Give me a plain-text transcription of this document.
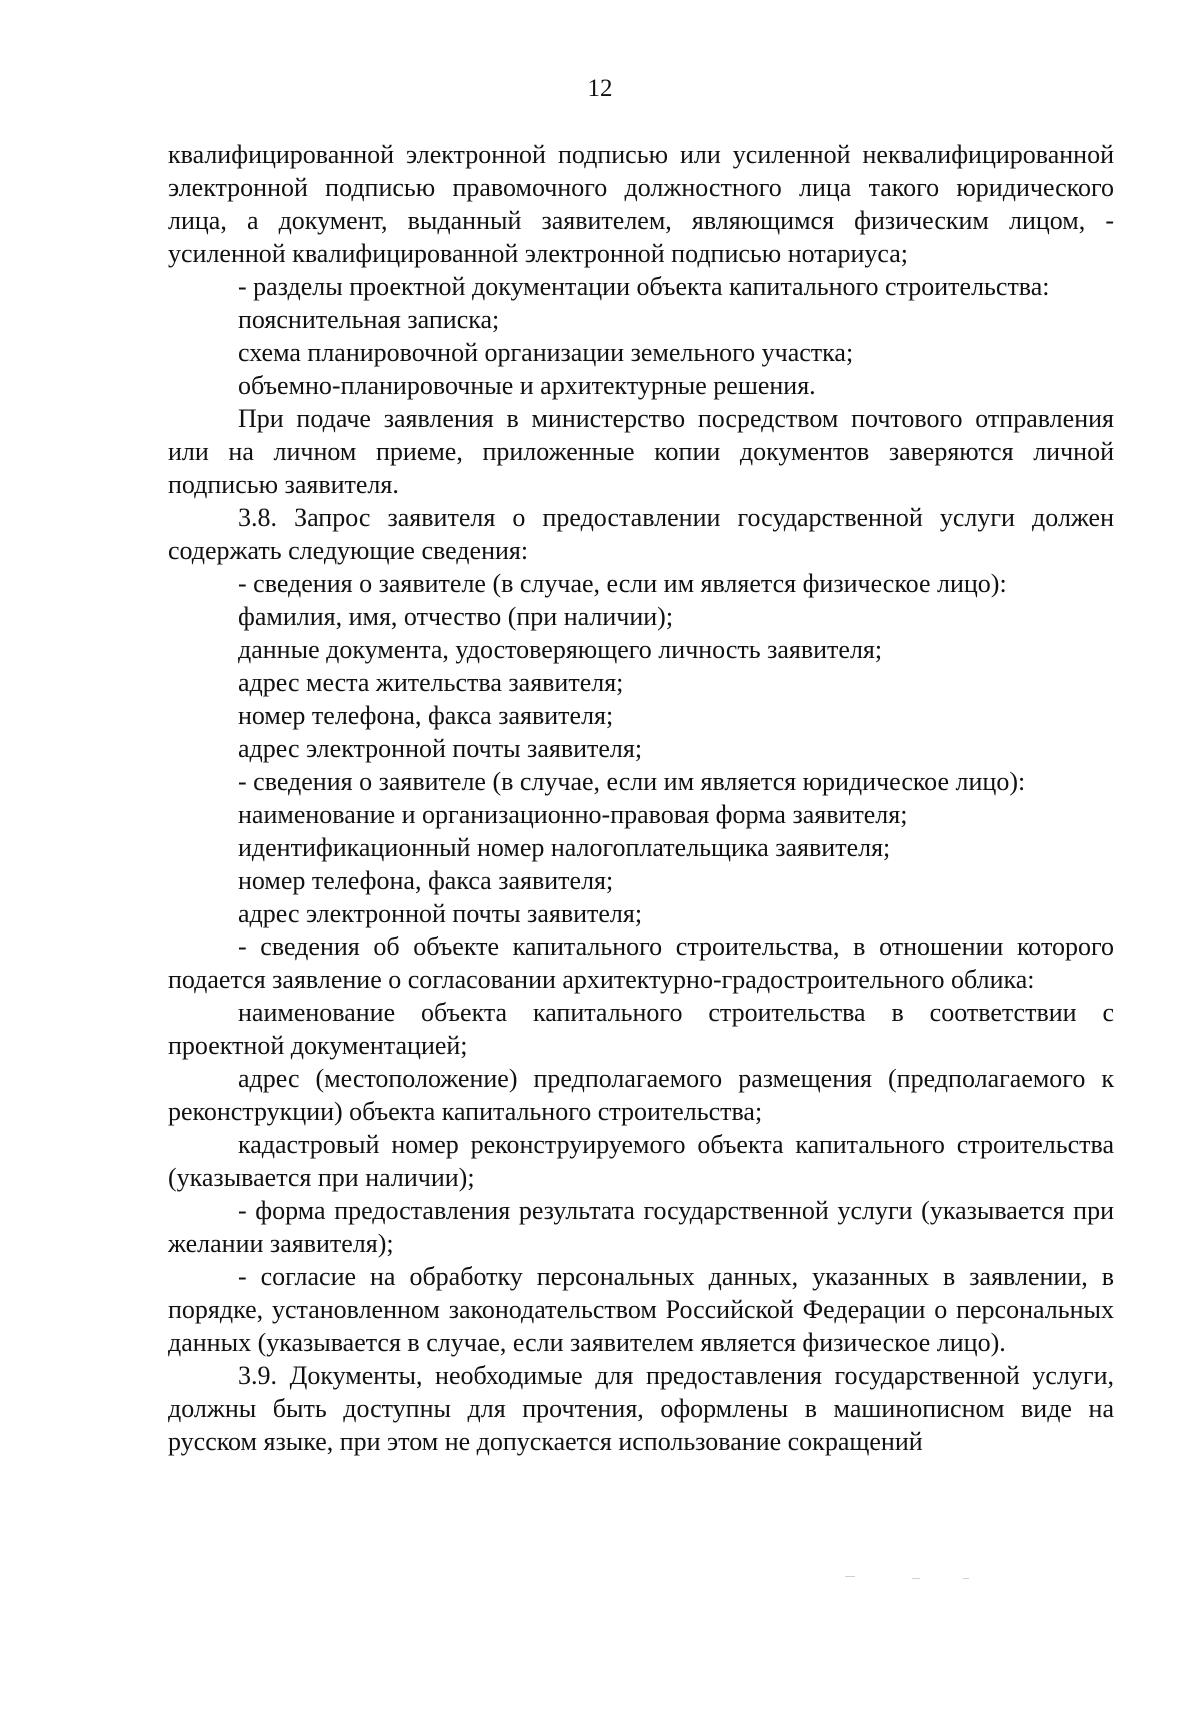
12

квалифицированной электронной подписью или усиленной неквалифицированной электронной подписью правомочного должностного лица такого юридического лица, а документ, выданный заявителем, являющимся физическим лицом, - усиленной квалифицированной электронной подписью нотариуса;

- разделы проектной документации объекта капитального строительства:

пояснительная записка;

схема планировочной организации земельного участка;

объемно-планировочные и архитектурные решения.

При подаче заявления в министерство посредством почтового отправления или на личном приеме, приложенные копии документов заверяются личной подписью заявителя.

3.8. Запрос заявителя о предоставлении государственной услуги должен содержать следующие сведения:

- сведения о заявителе (в случае, если им является физическое лицо):

фамилия, имя, отчество (при наличии);

данные документа, удостоверяющего личность заявителя;

адрес места жительства заявителя;

номер телефона, факса заявителя;

адрес электронной почты заявителя;

- сведения о заявителе (в случае, если им является юридическое лицо):

наименование и организационно-правовая форма заявителя;

идентификационный номер налогоплательщика заявителя;

номер телефона, факса заявителя;

адрес электронной почты заявителя;

- сведения об объекте капитального строительства, в отношении которого подается заявление о согласовании архитектурно-градостроительного облика:

наименование объекта капитального строительства в соответствии с проектной документацией;

адрес (местоположение) предполагаемого размещения (предполагаемого к реконструкции) объекта капитального строительства;

кадастровый номер реконструируемого объекта капитального строительства (указывается при наличии);

- форма предоставления результата государственной услуги (указывается при желании заявителя);

- согласие на обработку персональных данных, указанных в заявлении, в порядке, установленном законодательством Российской Федерации о персональных данных (указывается в случае, если заявителем является физическое лицо).

3.9. Документы, необходимые для предоставления государственной услуги, должны быть доступны для прочтения, оформлены в машинописном виде на русском языке, при этом не допускается использование сокращений
